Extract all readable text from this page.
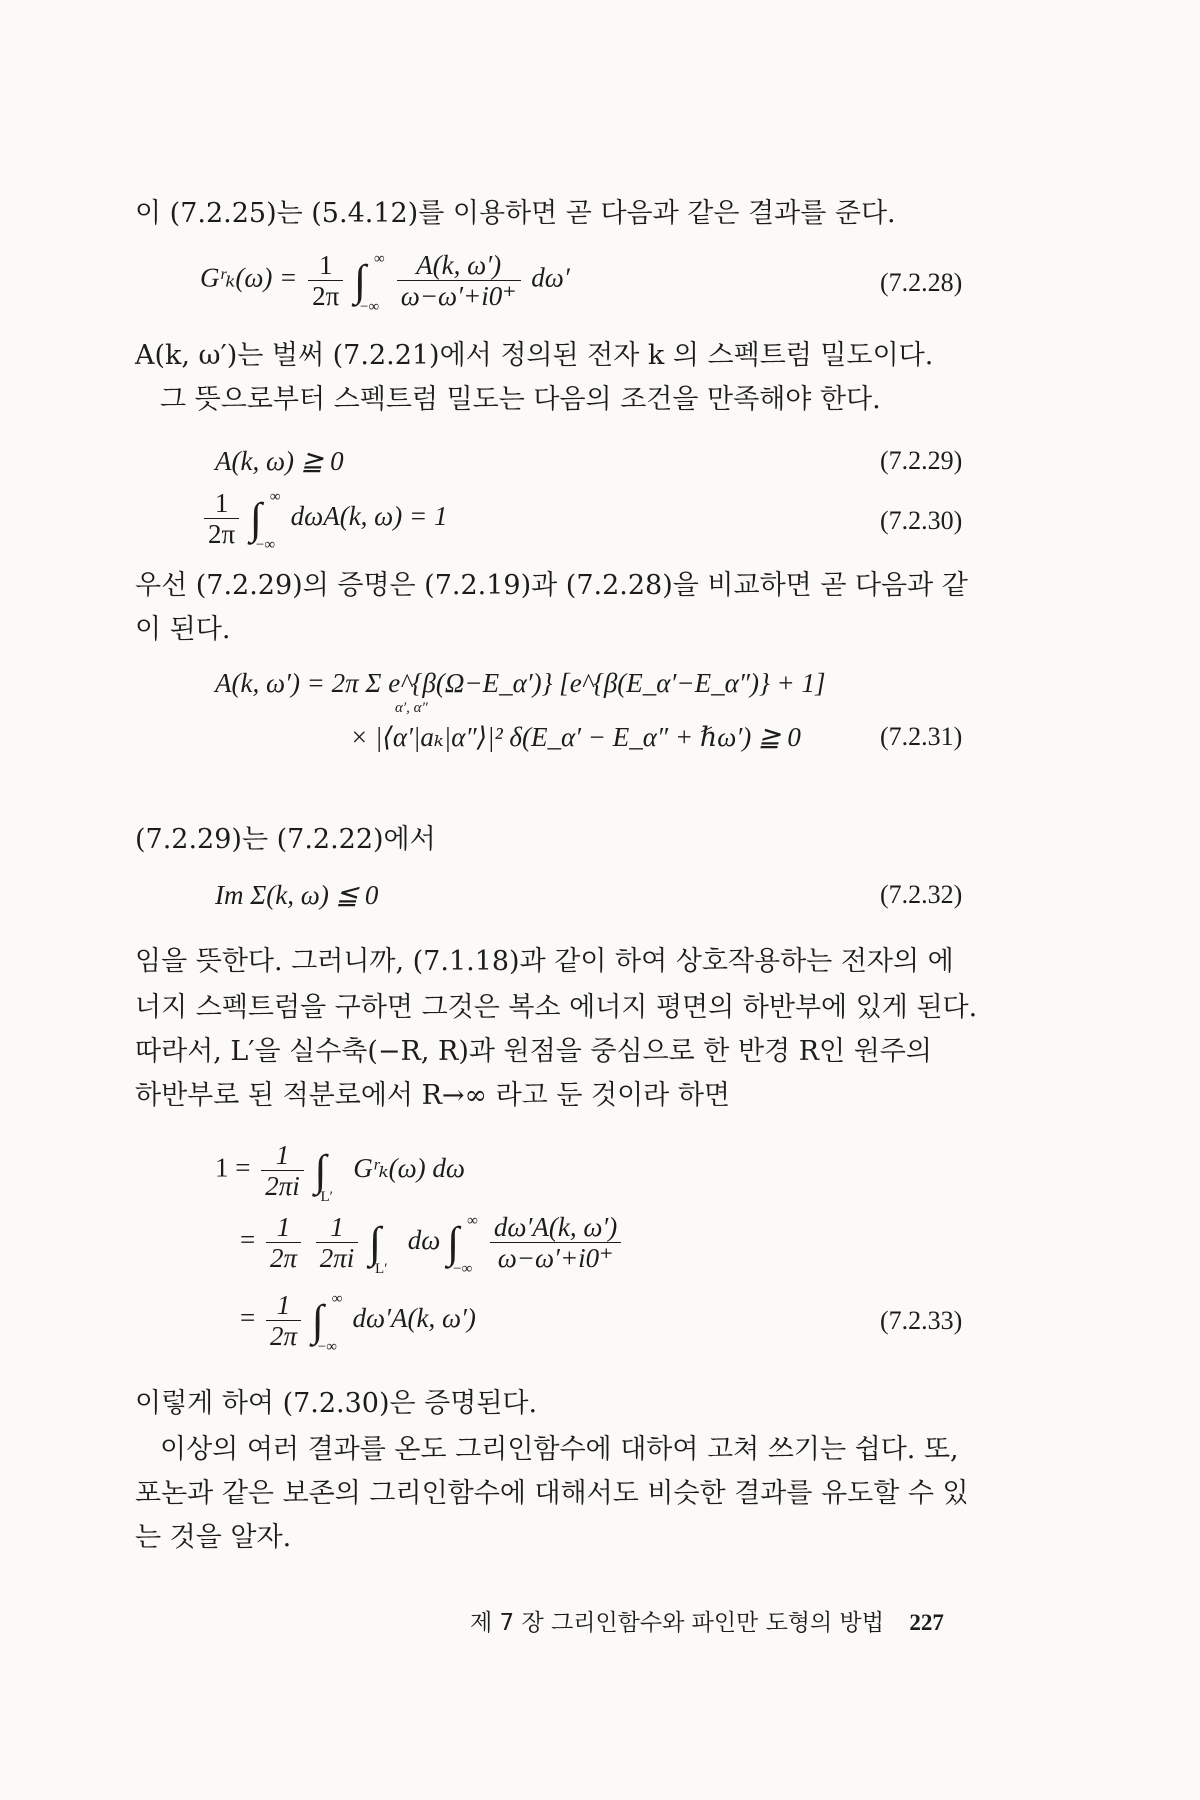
이 (7.2.25)는 (5.4.12)를 이용하면 곧 다음과 같은 결과를 준다.
Gʳₖ(ω) = $\frac{1}{2\pi}$ ∫ ∞
−∞
$\frac{A(k, \omega')}{\omega-\omega'+i0^+} d\omega'$	(7.2.28)
A(k, ω′)는 벌써 (7.2.21)에서 정의된 전자 k 의 스펙트럼 밀도이다.
그 뜻으로부터 스펙트럼 밀도는 다음의 조건을 만족해야 한다.
A(k, ω) ≧ 0	(7.2.29)
$\frac{1}{2\pi}$ ∫ ∞
−∞
dωA(k, ω) = 1	(7.2.30)
우선 (7.2.29)의 증명은 (7.2.19)과 (7.2.28)을 비교하면 곧 다음과 같
이 된다.
A(k, ω′) = 2π Σ e^{β(Ω−E_α′)} [e^{β(E_α′−E_α″)} + 1]
α′, α″
× |⟨α′|aₖ|α″⟩|² δ(E_α′ − E_α″ + ℏω′) ≧ 0	(7.2.31)
(7.2.29)는 (7.2.22)에서
Im Σ(k, ω) ≦ 0	(7.2.32)
임을 뜻한다. 그러니까, (7.1.18)과 같이 하여 상호작용하는 전자의 에
너지 스펙트럼을 구하면 그것은 복소 에너지 평면의 하반부에 있게 된다.
따라서, L′을 실수축(−R, R)과 원점을 중심으로 한 반경 R인 원주의
하반부로 된 적분로에서 R→∞ 라고 둔 것이라 하면
$1 = \frac{1}{2\pi i}$ ∫
L′
Gʳₖ(ω) dω
= $\frac{1}{2\pi}$
$\frac{1}{2\pi i}$ ∫
L′
dω ∫ ∞
−∞
$\frac{d\omega'A(k, \omega')}{\omega-\omega'+i0^+}$
= $\frac{1}{2\pi}$ ∫ ∞
−∞
dω′A(k, ω′)	(7.2.33)
이렇게 하여 (7.2.30)은 증명된다.
이상의 여러 결과를 온도 그리인함수에 대하여 고쳐 쓰기는 쉽다. 또,
포논과 같은 보존의 그리인함수에 대해서도 비슷한 결과를 유도할 수 있
는 것을 알자.
제 7 장 그리인함수와 파인만 도형의 방법 227
